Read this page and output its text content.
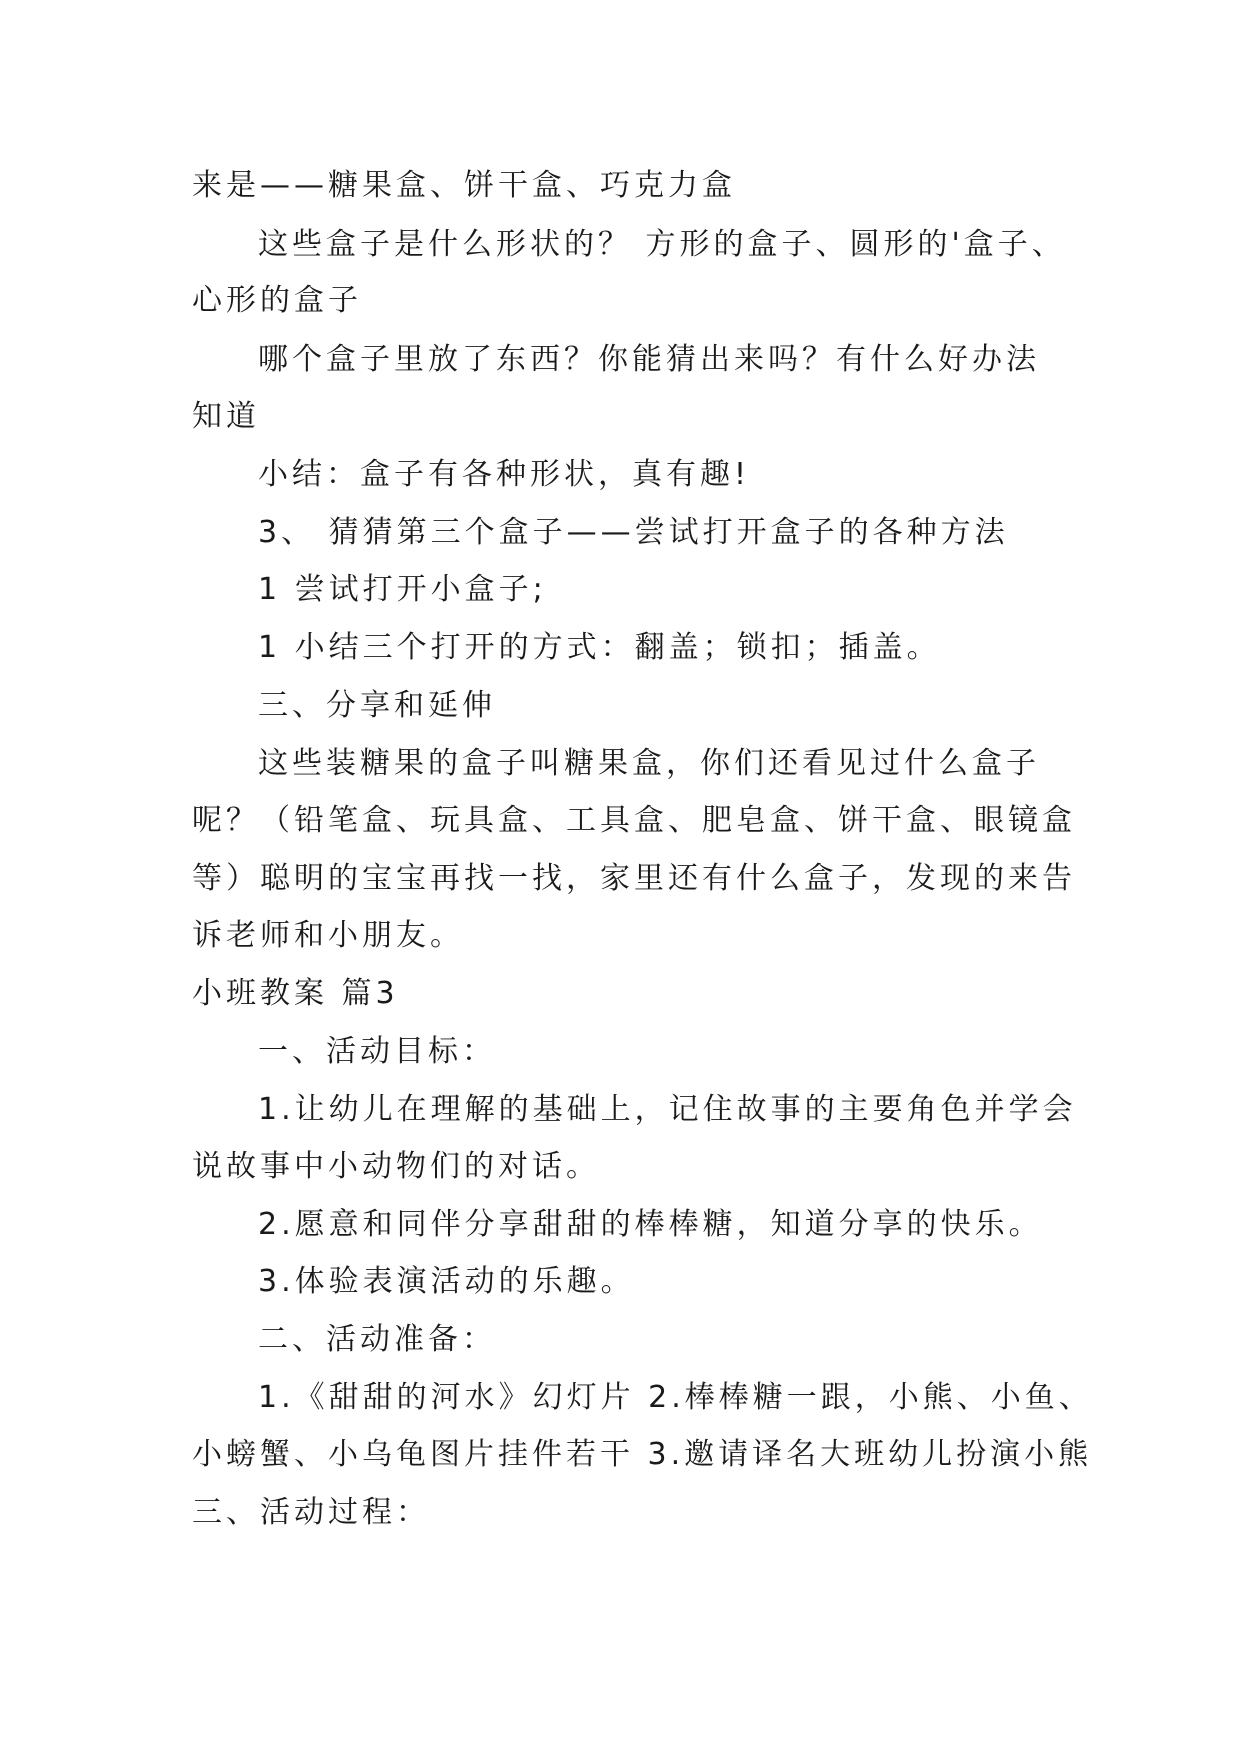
来是——糖果盒、饼干盒、巧克力盒
这些盒子是什么形状的？ 方形的盒子、圆形的'盒子、
心形的盒子
哪个盒子里放了东西？你能猜出来吗？有什么好办法
知道
小结：盒子有各种形状，真有趣!
3、 猜猜第三个盒子——尝试打开盒子的各种方法
1 尝试打开小盒子;
1 小结三个打开的方式：翻盖；锁扣；插盖。
三、分享和延伸
这些装糖果的盒子叫糖果盒，你们还看见过什么盒子
呢？（铅笔盒、玩具盒、工具盒、肥皂盒、饼干盒、眼镜盒
等）聪明的宝宝再找一找，家里还有什么盒子，发现的来告
诉老师和小朋友。
小班教案 篇3
一、活动目标：
1.让幼儿在理解的基础上，记住故事的主要角色并学会
说故事中小动物们的对话。
2.愿意和同伴分享甜甜的棒棒糖，知道分享的快乐。
3.体验表演活动的乐趣。
二、活动准备：
1.《甜甜的河水》幻灯片 2.棒棒糖一跟，小熊、小鱼、
小螃蟹、小乌龟图片挂件若干 3.邀请译名大班幼儿扮演小熊
三、活动过程：
